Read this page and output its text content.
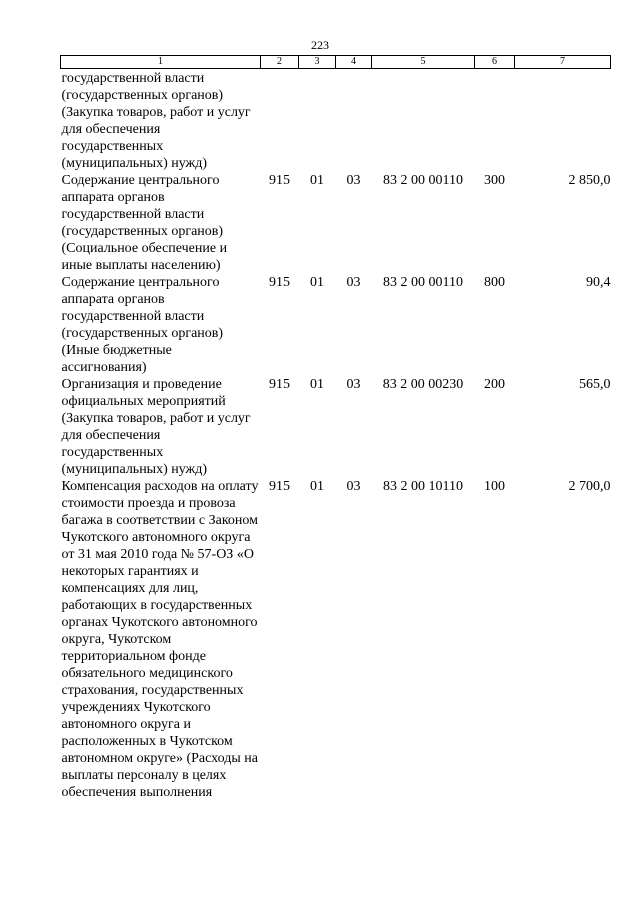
223
1	2	3	4	5	6	7
государственной власти (государственных органов) (Закупка товаров, работ и услуг для обеспечения государственных (муниципальных) нужд)						
Содержание центрального аппарата органов государственной власти (государственных органов) (Социальное обеспечение и иные выплаты населению)	915	01	03	83 2 00 00110	300	2 850,0
Содержание центрального аппарата органов государственной власти (государственных органов) (Иные бюджетные ассигнования)	915	01	03	83 2 00 00110	800	90,4
Организация и проведение официальных мероприятий (Закупка товаров, работ и услуг для обеспечения государственных (муниципальных) нужд)	915	01	03	83 2 00 00230	200	565,0
Компенсация расходов на оплату стоимости проезда и провоза багажа в соответствии с Законом Чукотского автономного округа от 31 мая 2010 года № 57-ОЗ «О некоторых гарантиях и компенсациях для лиц, работающих в государственных органах Чукотского автономного округа, Чукотском территориальном фонде обязательного медицинского страхования, государственных учреждениях Чукотского автономного округа и расположенных в Чукотском автономном округе» (Расходы на выплаты персоналу в целях обеспечения выполнения	915	01	03	83 2 00 10110	100	2 700,0
